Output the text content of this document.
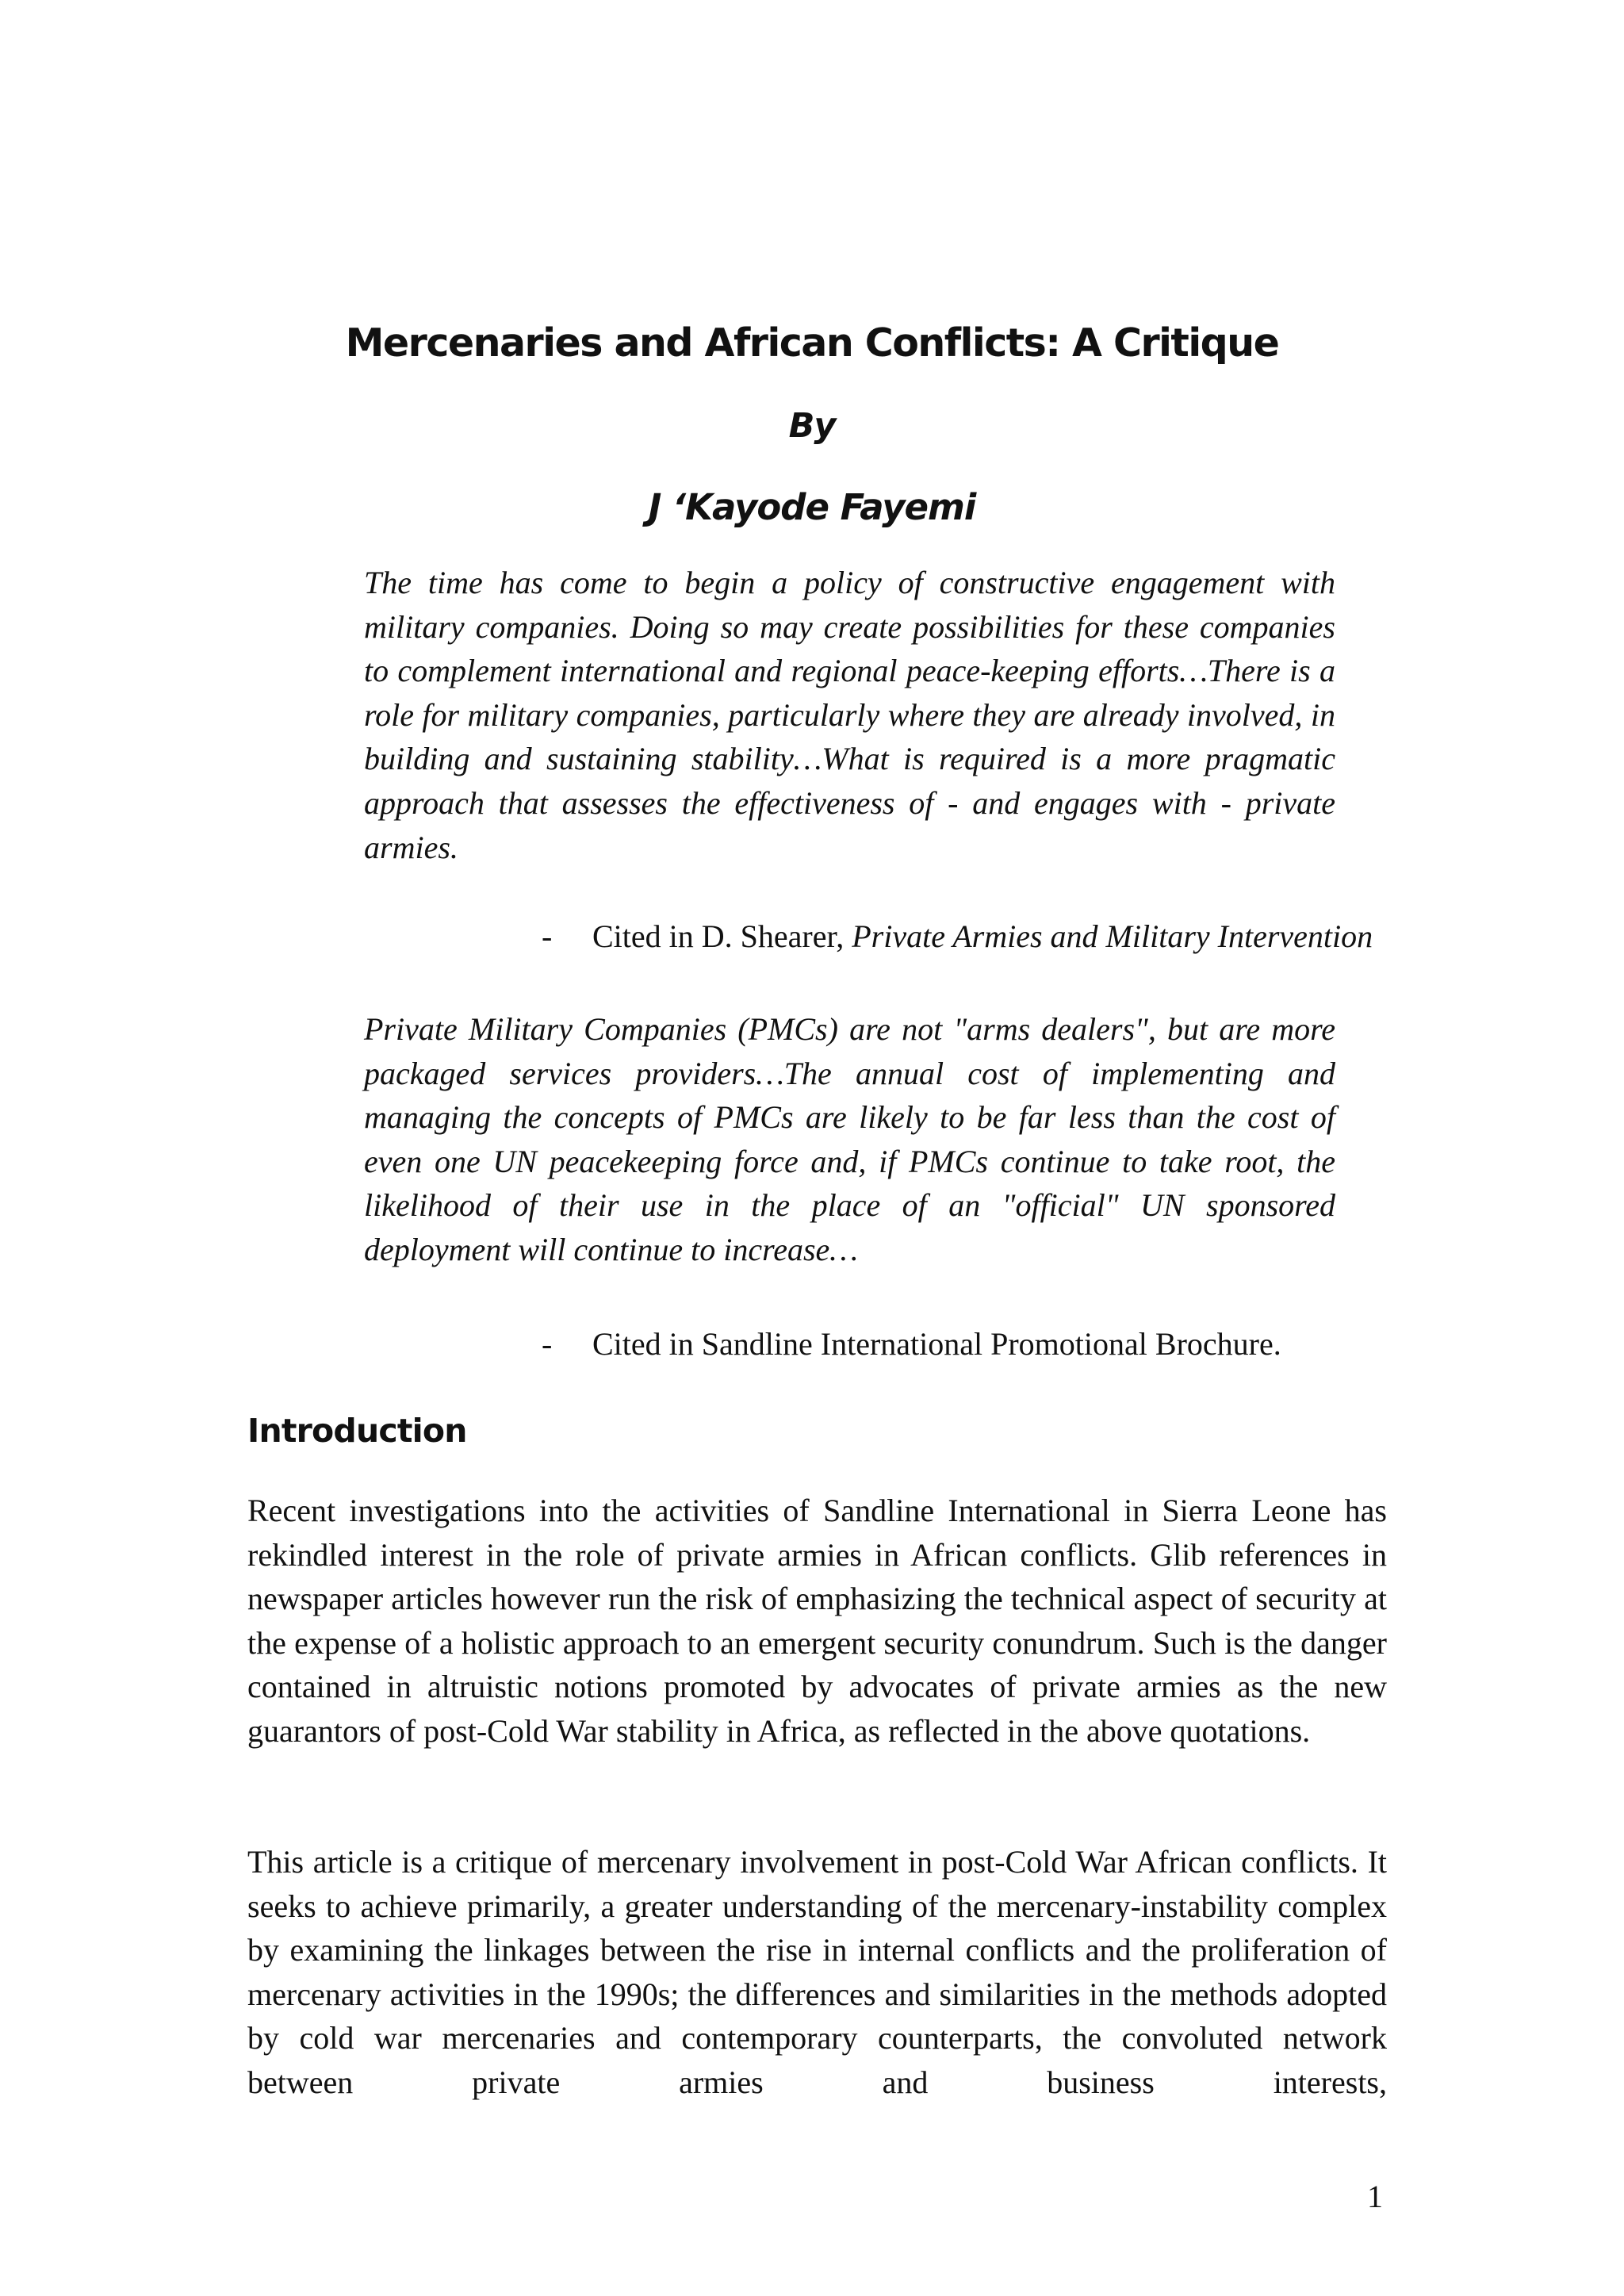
Mercenaries and African Conflicts: A Critique
By
J ‘Kayode Fayemi

The time has come to begin a policy of constructive engagement with military companies. Doing so may create possibilities for these companies to complement international and regional peace-keeping efforts…There is a role for military companies, particularly where they are already involved, in building and sustaining stability…What is required is a more pragmatic approach that assesses the effectiveness of - and engages with - private armies.

- Cited in D. Shearer, Private Armies and Military Intervention

Private Military Companies (PMCs) are not "arms dealers", but are more packaged services providers…The annual cost of implementing and managing the concepts of PMCs are likely to be far less than the cost of even one UN peacekeeping force and, if PMCs continue to take root, the likelihood of their use in the place of an "official" UN sponsored deployment will continue to increase…

- Cited in Sandline International Promotional Brochure.
Introduction

Recent investigations into the activities of Sandline International in Sierra Leone has rekindled interest in the role of private armies in African conflicts. Glib references in newspaper articles however run the risk of emphasizing the technical aspect of security at the expense of a holistic approach to an emergent security conundrum. Such is the danger contained in altruistic notions promoted by advocates of private armies as the new guarantors of post-Cold War stability in Africa, as reflected in the above quotations.

This article is a critique of mercenary involvement in post-Cold War African conflicts. It seeks to achieve primarily, a greater understanding of the mercenary-instability complex by examining the linkages between the rise in internal conflicts and the proliferation of mercenary activities in the 1990s; the differences and similarities in the methods adopted by cold war mercenaries and contemporary counterparts, the convoluted network between private armies and business interests,

1
